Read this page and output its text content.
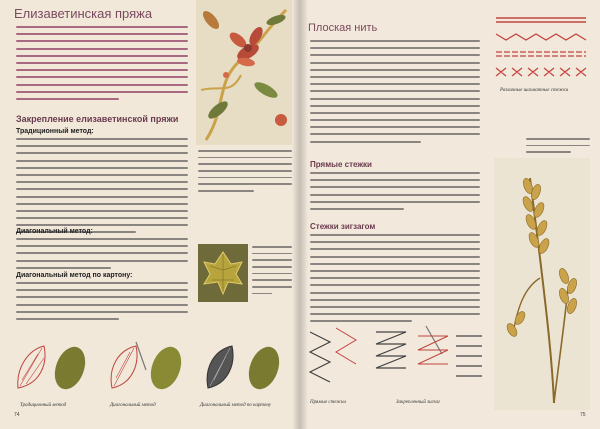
Елизаветинская пряжа
Закрепление елизаветинской пряжи
Традиционный метод:
Диагональный метод:
Диагональный метод по картону:
Традиционный метод	Диагональный метод	Диагональный метод по картону
74
Плоская нить
Прямые стежки
Стежки зигзагом
Различные шахматные стежки
Прямые стежки	Закрепленный зигзаг
75
